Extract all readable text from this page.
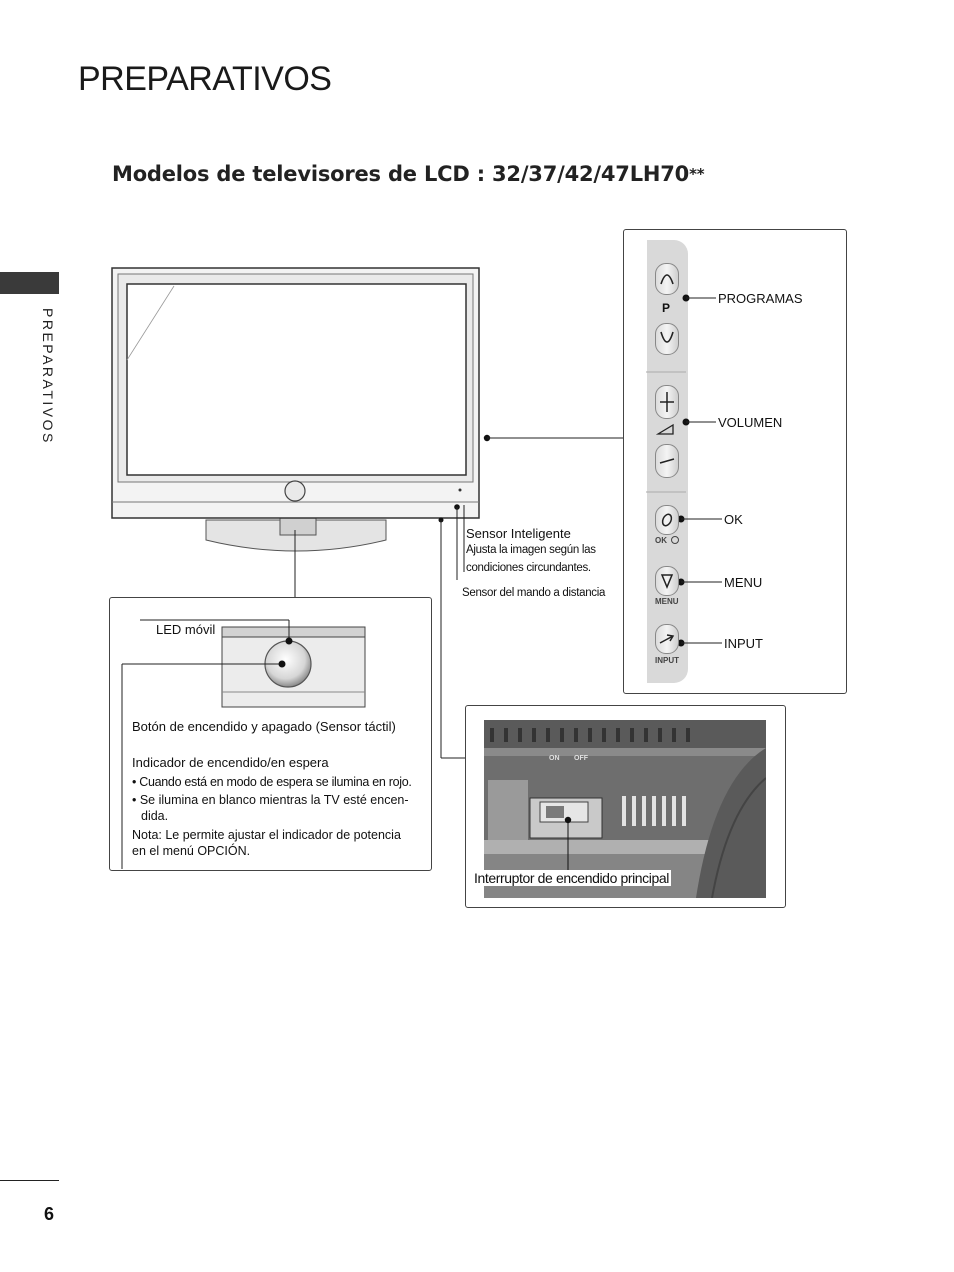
PREPARATIVOS
Modelos de televisores de LCD : 32/37/42/47LH70**
PREPARATIVOS
Sensor Inteligente
Ajusta la imagen según las
condiciones circundantes.
Sensor del mando a distancia
P
OK
MENU
INPUT
PROGRAMAS
VOLUMEN
OK
MENU
INPUT
LED móvil
Botón de encendido y apagado (Sensor táctil)
Indicador de encendido/en espera
• Cuando está en modo de espera se ilumina en rojo.
• Se ilumina en blanco mientras la TV esté encen-
dida.
Nota: Le permite ajustar el indicador de potencia
en el menú OPCIÓN.
ON OFF
Interruptor de encendido principal
6
